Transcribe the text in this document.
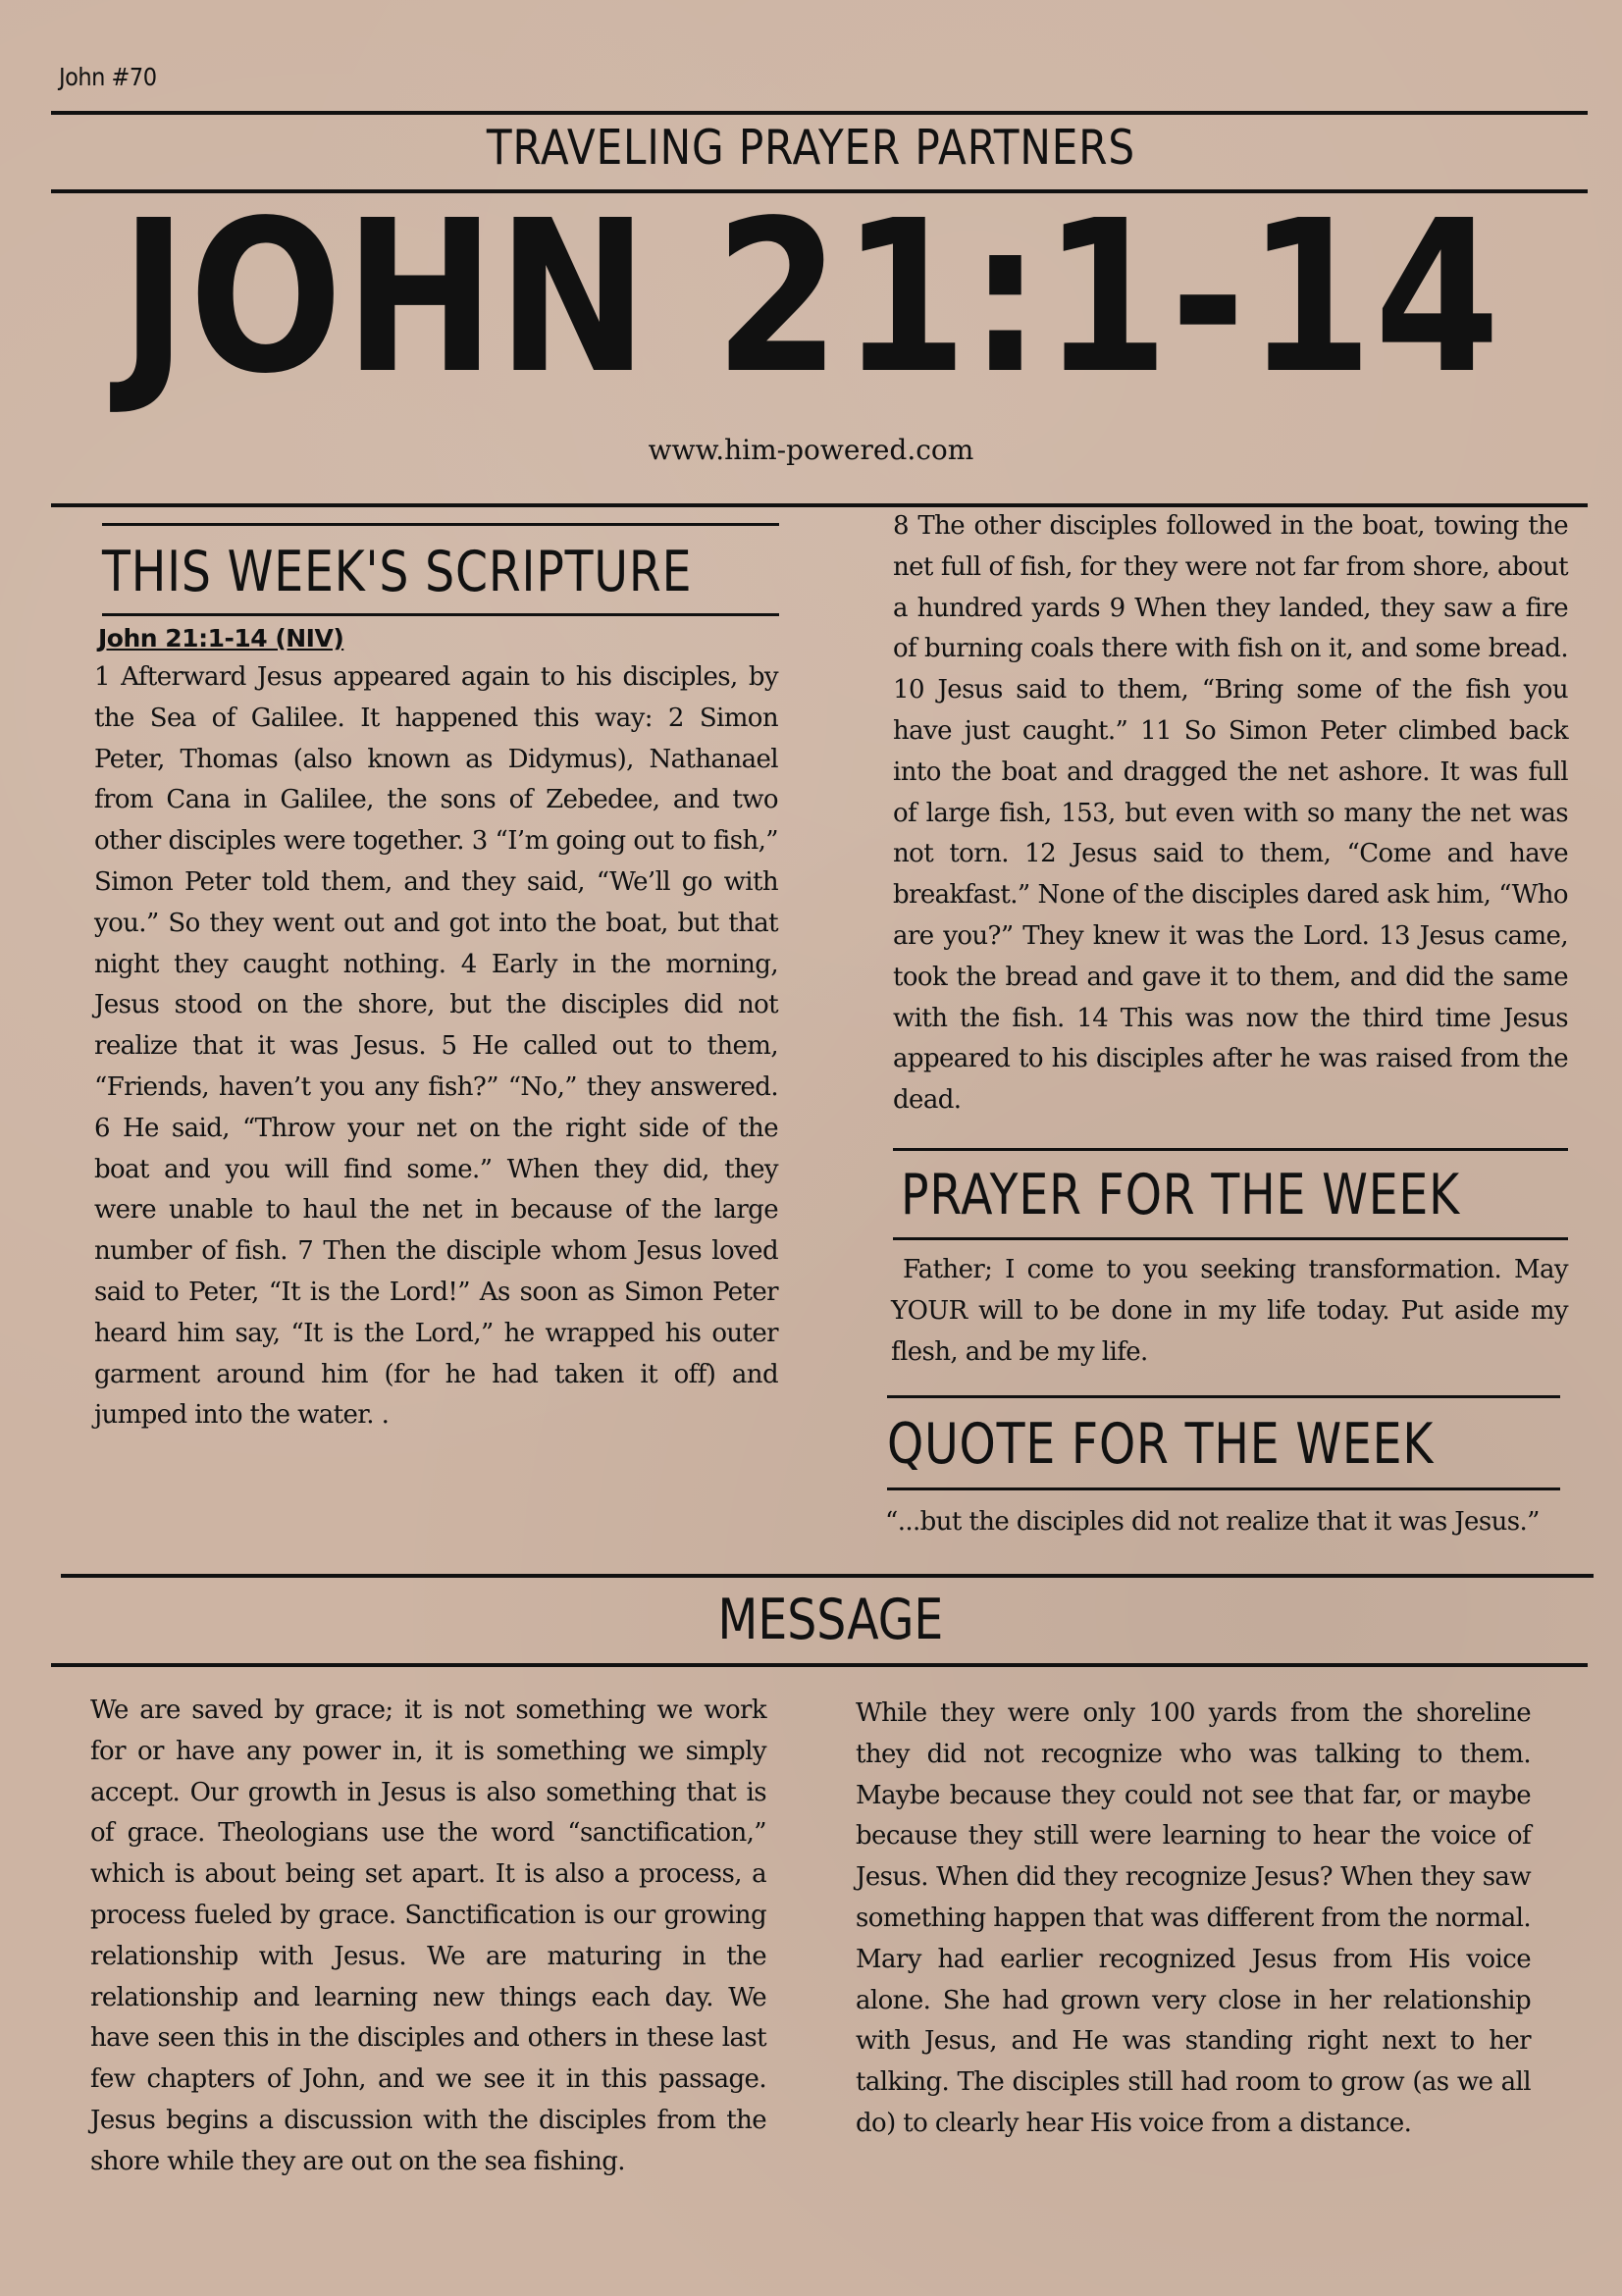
John #70
TRAVELING PRAYER PARTNERS
JOHN 21:1-14
www.him-powered.com
THIS WEEK'S SCRIPTURE
John 21:1-14 (NIV)
1 Afterward Jesus appeared again to his disciples, by the Sea of Galilee. It happened this way: 2 Simon Peter, Thomas (also known as Didymus), Nathanael from Cana in Galilee, the sons of Zebedee, and two other disciples were together. 3 “I’m going out to fish,” Simon Peter told them, and they said, “We’ll go with you.” So they went out and got into the boat, but that night they caught nothing. 4 Early in the morning, Jesus stood on the shore, but the disciples did not realize that it was Jesus. 5 He called out to them, “Friends, haven’t you any fish?” “No,” they answered. 6 He said, “Throw your net on the right side of the boat and you will find some.” When they did, they were unable to haul the net in because of the large number of fish. 7 Then the disciple whom Jesus loved said to Peter, “It is the Lord!” As soon as Simon Peter heard him say, “It is the Lord,” he wrapped his outer garment around him (for he had taken it off) and jumped into the water. .
8 The other disciples followed in the boat, towing the net full of fish, for they were not far from shore, about a hundred yards 9 When they landed, they saw a fire of burning coals there with fish on it, and some bread. 10 Jesus said to them, “Bring some of the fish you have just caught.” 11 So Simon Peter climbed back into the boat and dragged the net ashore. It was full of large fish, 153, but even with so many the net was not torn. 12 Jesus said to them, “Come and have breakfast.” None of the disciples dared ask him, “Who are you?” They knew it was the Lord. 13 Jesus came, took the bread and gave it to them, and did the same with the fish. 14 This was now the third time Jesus appeared to his disciples after he was raised from the dead.
PRAYER FOR THE WEEK
Father; I come to you seeking transformation. May YOUR will to be done in my life today. Put aside my flesh, and be my life.
QUOTE FOR THE WEEK
“...but the disciples did not realize that it was Jesus.”
MESSAGE
We are saved by grace; it is not something we work for or have any power in, it is something we simply accept. Our growth in Jesus is also something that is of grace. Theologians use the word “sanctification,” which is about being set apart. It is also a process, a process fueled by grace. Sanctification is our growing relationship with Jesus. We are maturing in the relationship and learning new things each day. We have seen this in the disciples and others in these last few chapters of John, and we see it in this passage. Jesus begins a discussion with the disciples from the shore while they are out on the sea fishing.
While they were only 100 yards from the shoreline they did not recognize who was talking to them. Maybe because they could not see that far, or maybe because they still were learning to hear the voice of Jesus. When did they recognize Jesus? When they saw something happen that was different from the normal. Mary had earlier recognized Jesus from His voice alone. She had grown very close in her relationship with Jesus, and He was standing right next to her talking. The disciples still had room to grow (as we all do) to clearly hear His voice from a distance.
